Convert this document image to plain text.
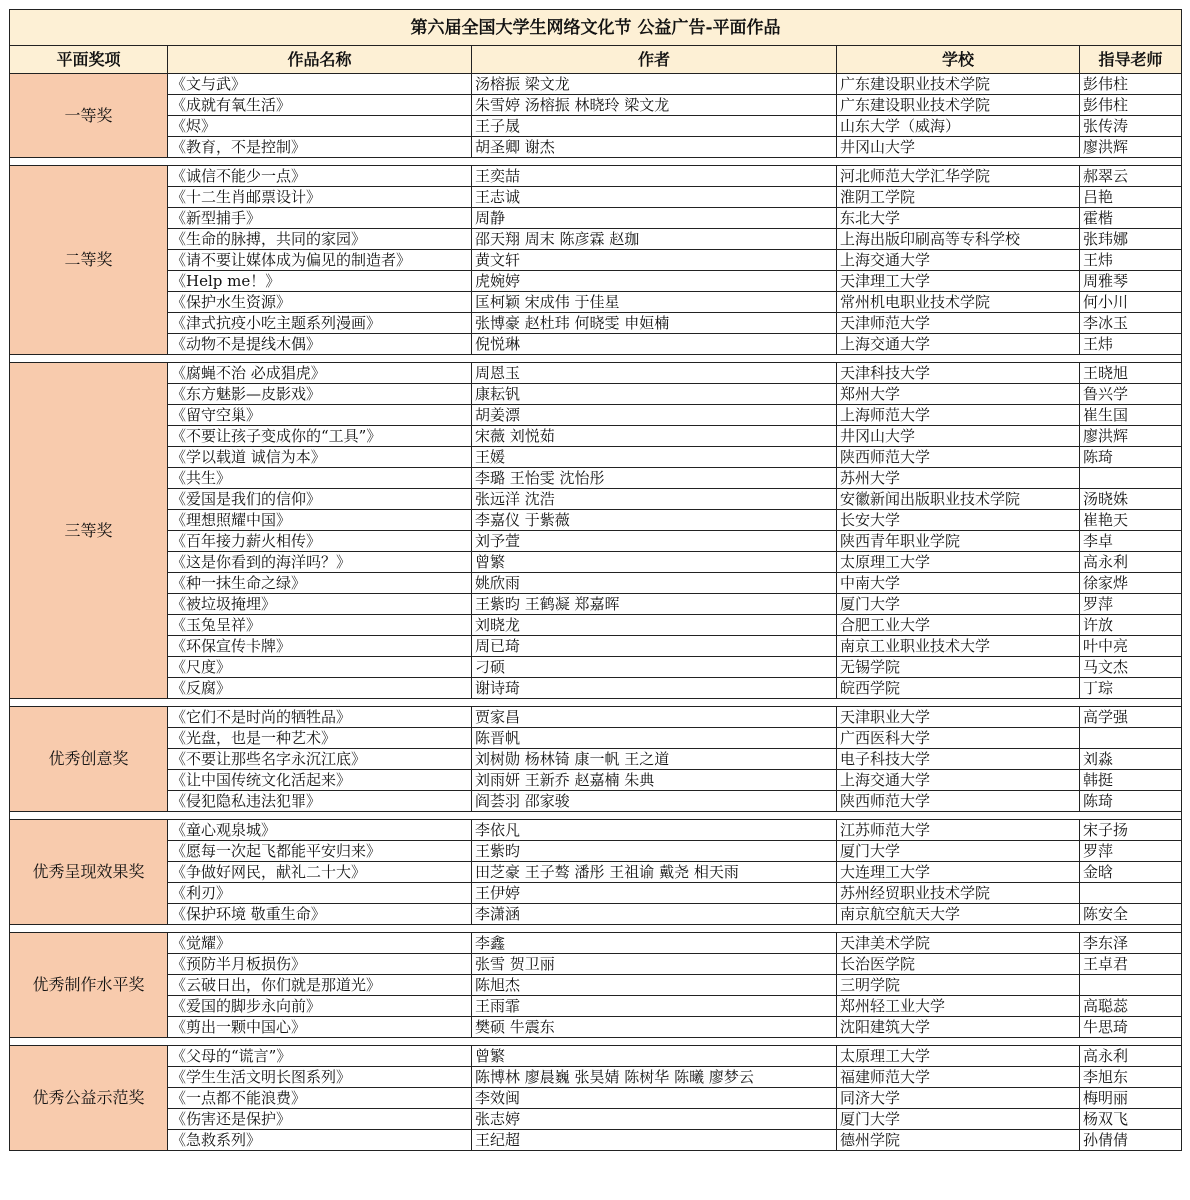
第六届全国大学生网络文化节 公益广告-平面作品				
平面奖项	作品名称	作者	学校	指导老师
一等奖	《文与武》	汤榕振 梁文龙	广东建设职业技术学院	彭伟柱
	《成就有氧生活》	朱雪婷 汤榕振 林晓玲 梁文龙	广东建设职业技术学院	彭伟柱
	《烬》	王子晟	山东大学（威海）	张传涛
	《教育，不是控制》	胡圣卿 谢杰	井冈山大学	廖洪辉

二等奖	《诚信不能少一点》	王奕喆	河北师范大学汇华学院	郝翠云
	《十二生肖邮票设计》	王志诚	淮阴工学院	吕艳
	《新型捕手》	周静	东北大学	霍楷
	《生命的脉搏，共同的家园》	邵天翔 周末 陈彦霖 赵珈	上海出版印刷高等专科学校	张玮娜
	《请不要让媒体成为偏见的制造者》	黄文轩	上海交通大学	王炜
	《Help me！》	虎婉婷	天津理工大学	周雅琴
	《保护水生资源》	匡柯颖 宋成伟 于佳星	常州机电职业技术学院	何小川
	《津式抗疫小吃主题系列漫画》	张博豪 赵杜玮 何晓雯 申姮楠	天津师范大学	李冰玉
	《动物不是提线木偶》	倪悦琳	上海交通大学	王炜

三等奖	《腐蝇不治 必成猖虎》	周恩玉	天津科技大学	王晓旭
	《东方魅影—皮影戏》	康耘钒	郑州大学	鲁兴学
	《留守空巢》	胡姜漂	上海师范大学	崔生国
	《不要让孩子变成你的“工具”》	宋薇 刘悦茹	井冈山大学	廖洪辉
	《学以载道 诚信为本》	王媛	陕西师范大学	陈琦
	《共生》	李璐 王怡雯 沈怡彤	苏州大学	
	《爱国是我们的信仰》	张远洋 沈浩	安徽新闻出版职业技术学院	汤晓姝
	《理想照耀中国》	李嘉仪 于紫薇	长安大学	崔艳天
	《百年接力薪火相传》	刘予萱	陕西青年职业学院	李卓
	《这是你看到的海洋吗？》	曾繁	太原理工大学	高永利
	《种一抹生命之绿》	姚欣雨	中南大学	徐家烨
	《被垃圾掩埋》	王紫昀 王鹤凝 郑嘉晖	厦门大学	罗萍
	《玉兔呈祥》	刘晓龙	合肥工业大学	许放
	《环保宣传卡牌》	周已琦	南京工业职业技术大学	叶中亮
	《尺度》	刁硕	无锡学院	马文杰
	《反腐》	谢诗琦	皖西学院	丁琮

优秀创意奖	《它们不是时尚的牺牲品》	贾家昌	天津职业大学	高学强
	《光盘，也是一种艺术》	陈晋帆	广西医科大学	
	《不要让那些名字永沉江底》	刘树勋 杨林锜 康一帆 王之道	电子科技大学	刘淼
	《让中国传统文化活起来》	刘雨妍 王新乔 赵嘉楠 朱典	上海交通大学	韩挺
	《侵犯隐私违法犯罪》	阎荟羽 邵家骏	陕西师范大学	陈琦

优秀呈现效果奖	《童心观泉城》	李依凡	江苏师范大学	宋子扬
	《愿每一次起飞都能平安归来》	王紫昀	厦门大学	罗萍
	《争做好网民，献礼二十大》	田芝豪 王子骜 潘彤 王祖谕 戴尧 相天雨	大连理工大学	金晗
	《利刃》	王伊婷	苏州经贸职业技术学院	
	《保护环境 敬重生命》	李潇涵	南京航空航天大学	陈安全

优秀制作水平奖	《觉耀》	李鑫	天津美术学院	李东泽
	《预防半月板损伤》	张雪 贺卫丽	长治医学院	王卓君
	《云破日出，你们就是那道光》	陈旭杰	三明学院	
	《爱国的脚步永向前》	王雨霏	郑州轻工业大学	高聪蕊
	《剪出一颗中国心》	樊硕 牛震东	沈阳建筑大学	牛思琦

优秀公益示范奖	《父母的“谎言”》	曾繁	太原理工大学	高永利
	《学生生活文明长图系列》	陈博林 廖晨巍 张昊婧 陈树华 陈曦 廖梦云	福建师范大学	李旭东
	《一点都不能浪费》	李效闽	同济大学	梅明丽
	《伤害还是保护》	张志婷	厦门大学	杨双飞
	《急救系列》	王纪超	德州学院	孙倩倩
